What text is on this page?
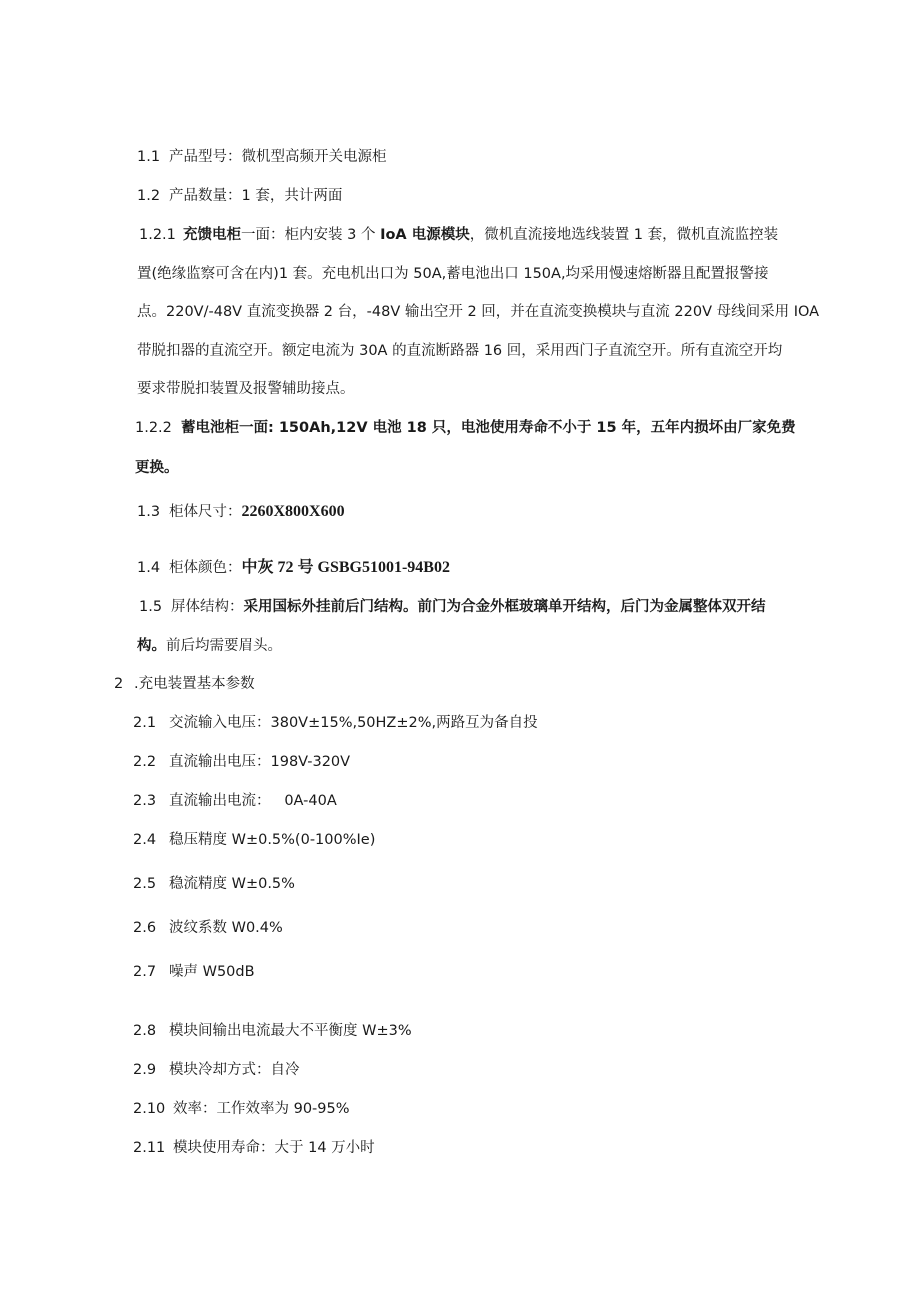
1.1 产品型号：微机型高频开关电源柜
1.2 产品数量：1 套，共计两面
1.2.1 充馈电柜一面：柜内安装 3 个 IoA 电源模块，微机直流接地选线装置 1 套，微机直流监控装
置(绝缘监察可含在内)1 套。充电机出口为 50A,蓄电池出口 150A,均采用慢速熔断器且配置报警接
点。220V/-48V 直流变换器 2 台，-48V 输出空开 2 回，并在直流变换模块与直流 220V 母线间采用 IOA
带脱扣器的直流空开。额定电流为 30A 的直流断路器 16 回，采用西门子直流空开。所有直流空开均
要求带脱扣装置及报警辅助接点。
1.2.2 蓄电池柜一面: 150Ah,12V 电池 18 只，电池使用寿命不小于 15 年，五年内损坏由厂家免费
更换。
1.3 柜体尺寸：2260X800X600
1.4 柜体颜色：中灰 72 号 GSBG51001-94B02
1.5 屏体结构：采用国标外挂前后门结构。前门为合金外框玻璃单开结构，后门为金属整体双开结
构。前后均需要眉头。
2 .充电装置基本参数
2.1 交流输入电压：380V±15%,50HZ±2%,两路互为备自投
2.2 直流输出电压：198V-320V
2.3 直流输出电流：   0A-40A
2.4 稳压精度 W±0.5%(0-100%Ie)
2.5 稳流精度 W±0.5%
2.6 波纹系数 W0.4%
2.7 噪声 W50dB
2.8 模块间输出电流最大不平衡度 W±3%
2.9 模块冷却方式：自冷
2.10 效率：工作效率为 90-95%
2.11 模块使用寿命：大于 14 万小时
